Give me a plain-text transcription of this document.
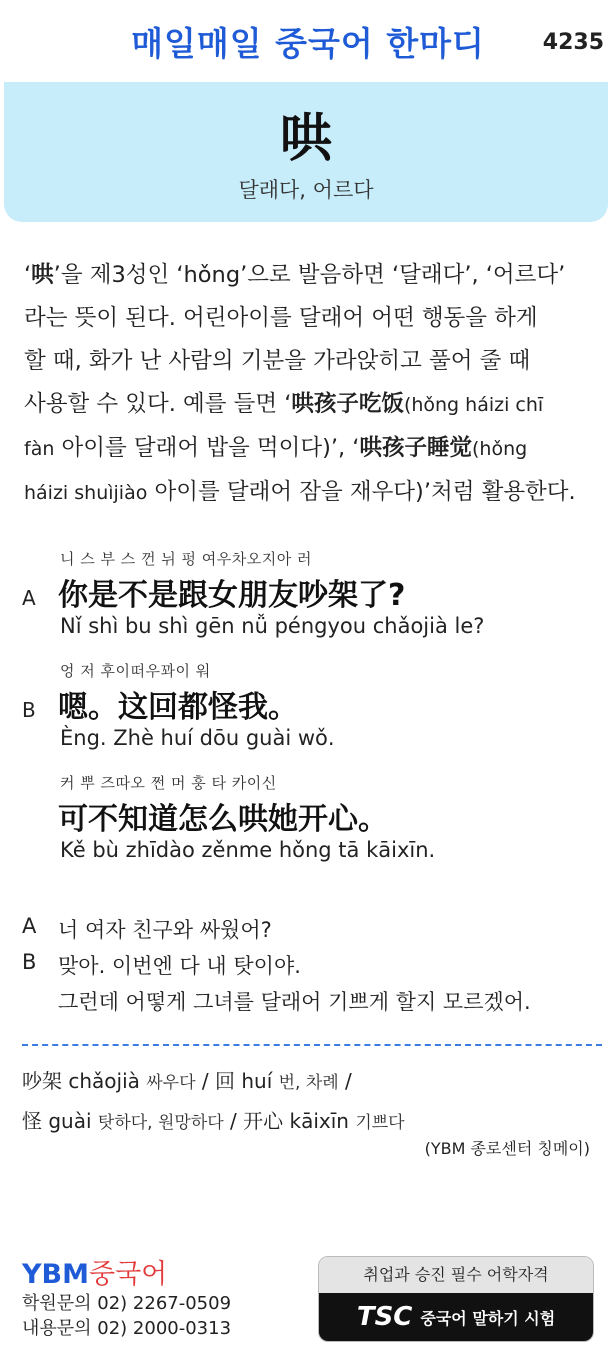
매일매일 중국어 한마디	4235
哄
달래다, 어르다
‘哄’을 제3성인 ‘hǒng’으로 발음하면 ‘달래다’, ‘어르다’
라는 뜻이 된다. 어린아이를 달래어 어떤 행동을 하게
할 때, 화가 난 사람의 기분을 가라앉히고 풀어 줄 때
사용할 수 있다. 예를 들면 ‘哄孩子吃饭(hǒng háizi chī
fàn 아이를 달래어 밥을 먹이다)’, ‘哄孩子睡觉(hǒng
háizi shuìjiào 아이를 달래어 잠을 재우다)’처럼 활용한다.
A
니 스 부 스 껀 뉘 펑 여우차오지아 러
你是不是跟女朋友吵架了?
Nǐ shì bu shì gēn nǚ péngyou chǎojià le?
B
엉 저 후이떠우꽈이 워
嗯。这回都怪我。
Èng. Zhè huí dōu guài wǒ.
커 뿌 즈따오 쩐 머 훙 타 카이신
可不知道怎么哄她开心。
Kě bù zhīdào zěnme hǒng tā kāixīn.
A 너 여자 친구와 싸웠어?
B 맞아. 이번엔 다 내 탓이야.
그런데 어떻게 그녀를 달래어 기쁘게 할지 모르겠어.
吵架 chǎojià 싸우다 / 回 huí 번, 차례 /
怪 guài 탓하다, 원망하다 / 开心 kāixīn 기쁘다
(YBM 종로센터 칭메이)
YBM중국어
학원문의 02) 2267-0509
내용문의 02) 2000-0313
취업과 승진 필수 어학자격
TSC 중국어 말하기 시험
